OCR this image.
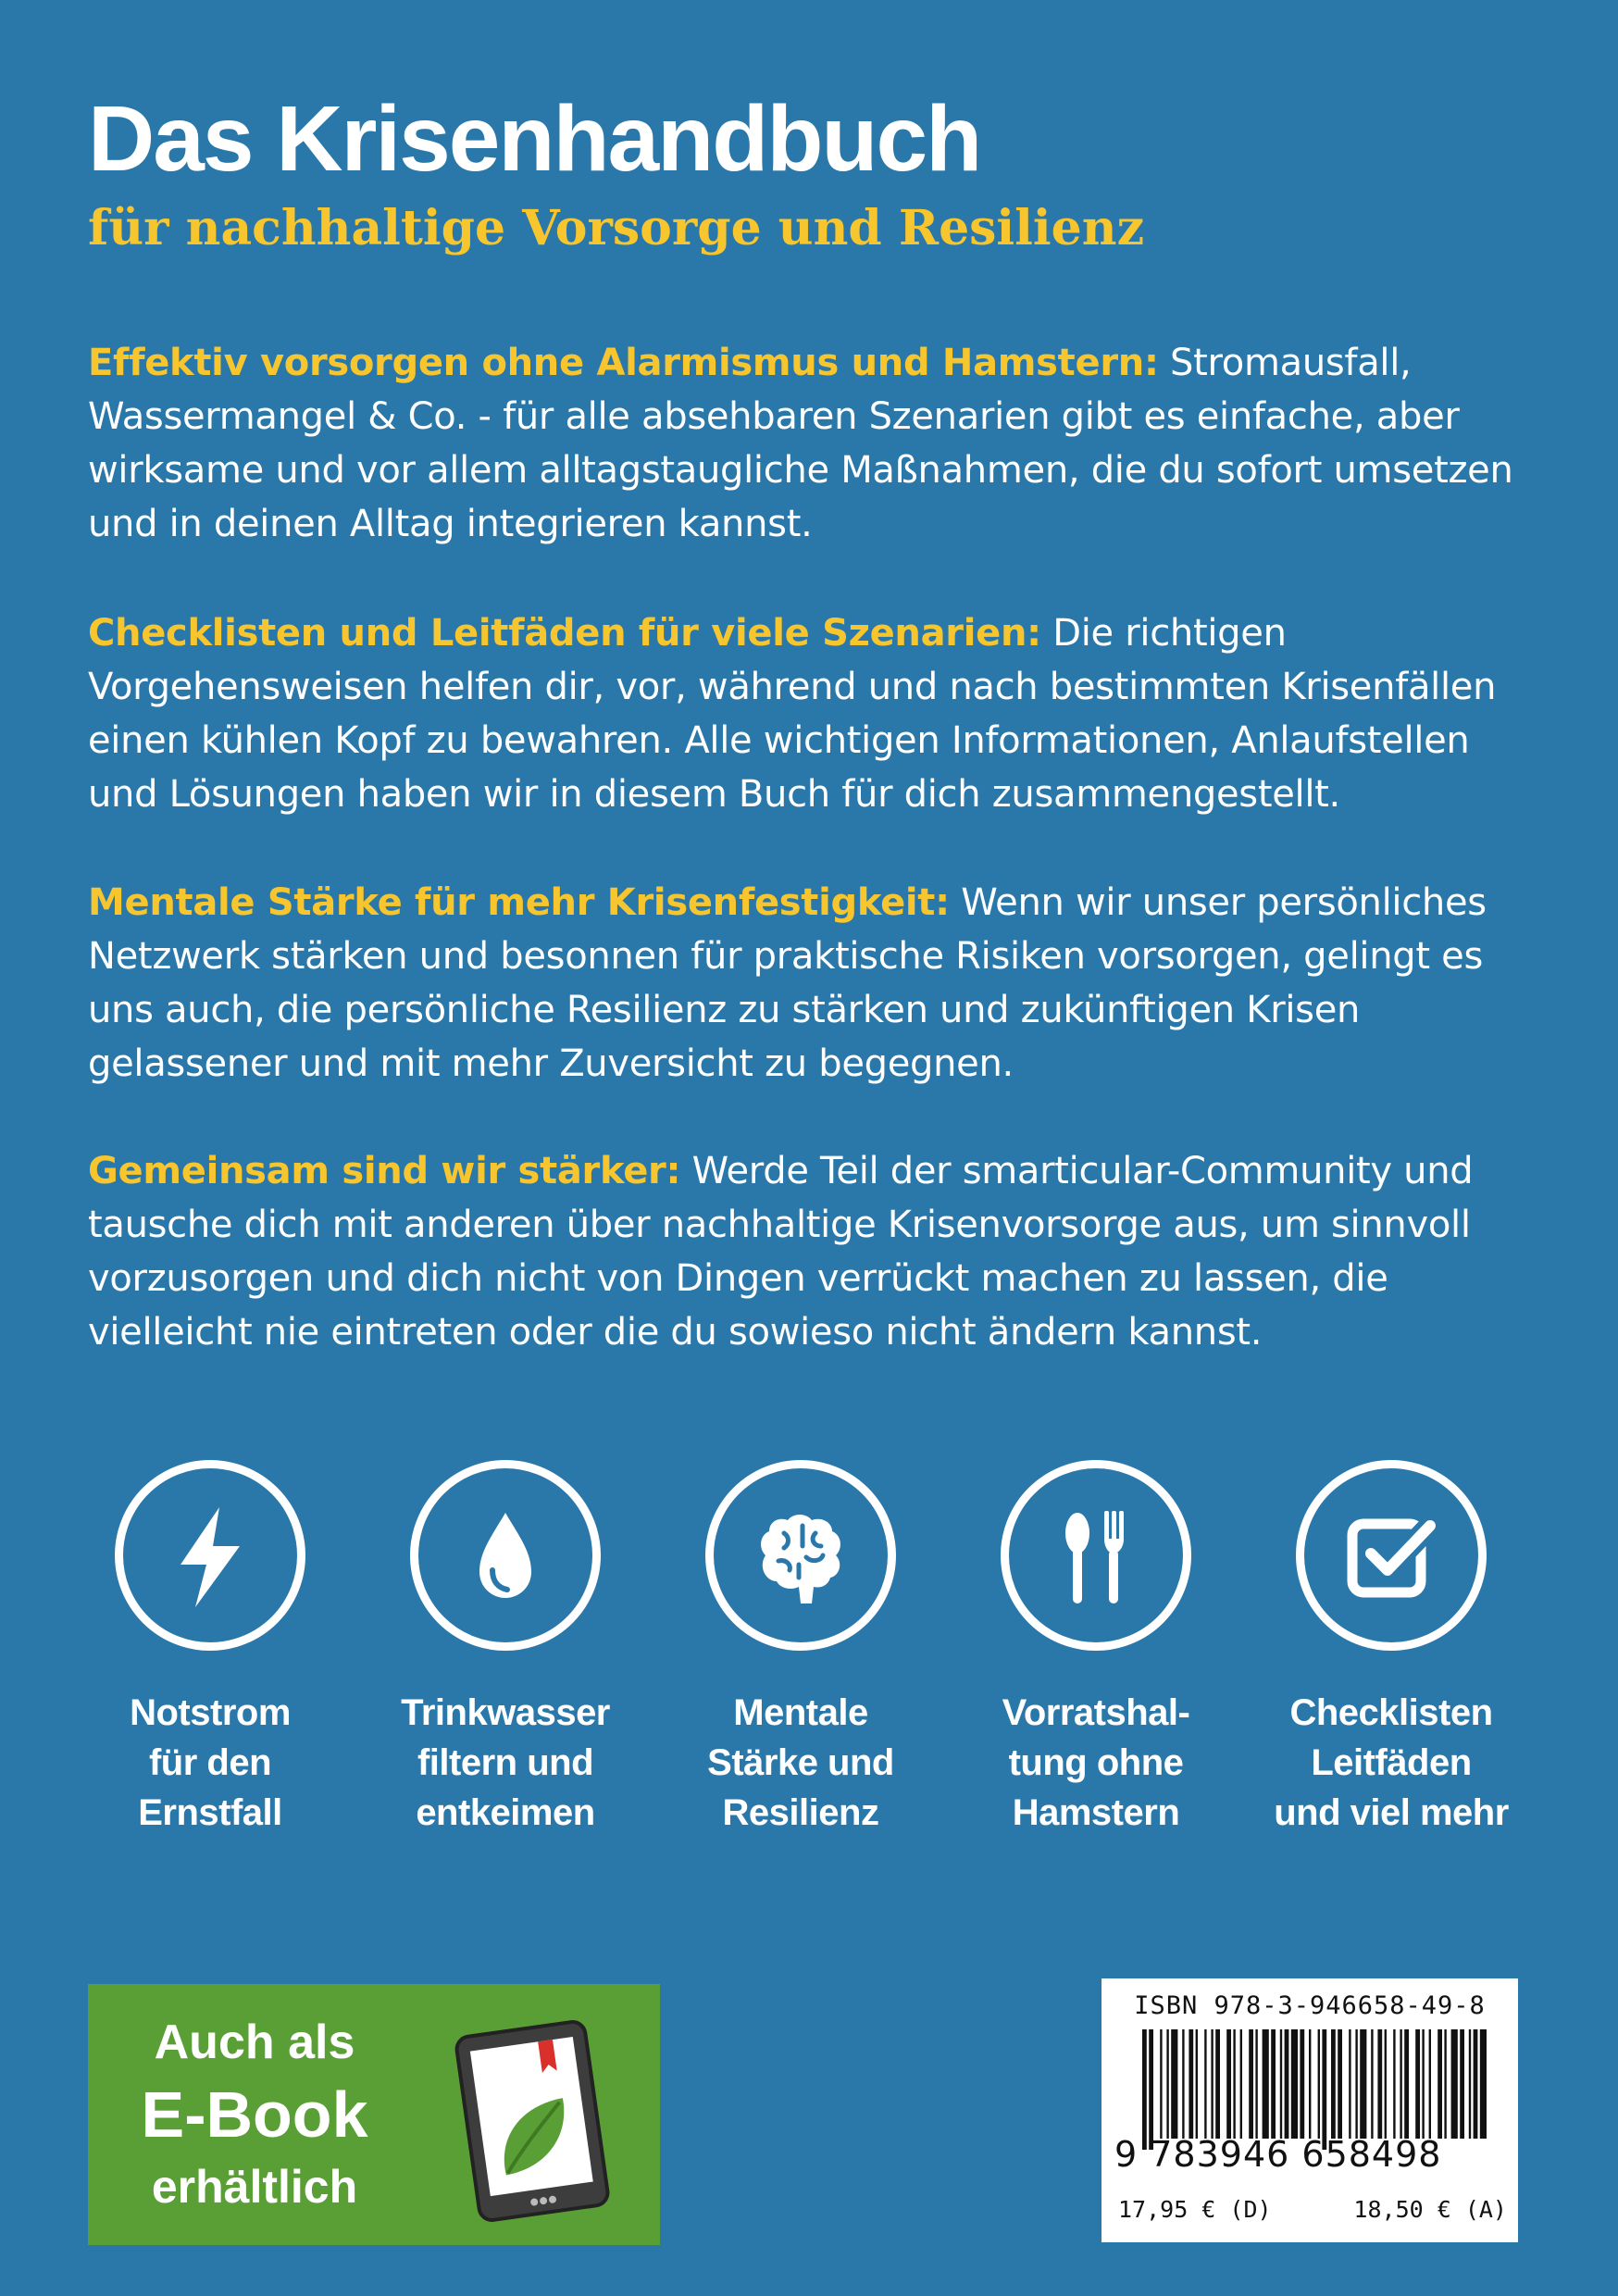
Das Krisenhandbuch
für nachhaltige Vorsorge und Resilienz

Effektiv vorsorgen ohne Alarmismus und Hamstern: Stromausfall, Wassermangel & Co. - für alle absehbaren Szenarien gibt es einfache, aber wirksame und vor allem alltagstaugliche Maßnahmen, die du sofort umsetzen und in deinen Alltag integrieren kannst.

Checklisten und Leitfäden für viele Szenarien: Die richtigen Vorgehensweisen helfen dir, vor, während und nach bestimmten Krisenfällen einen kühlen Kopf zu bewahren. Alle wichtigen Informationen, Anlaufstellen und Lösungen haben wir in diesem Buch für dich zusammengestellt.

Mentale Stärke für mehr Krisenfestigkeit: Wenn wir unser persönliches Netzwerk stärken und besonnen für praktische Risiken vorsorgen, gelingt es uns auch, die persönliche Resilienz zu stärken und zukünftigen Krisen gelassener und mit mehr Zuversicht zu begegnen.

Gemeinsam sind wir stärker: Werde Teil der smarticular-Community und tausche dich mit anderen über nachhaltige Krisenvorsorge aus, um sinnvoll vorzusorgen und dich nicht von Dingen verrückt machen zu lassen, die vielleicht nie eintreten oder die du sowieso nicht ändern kannst.

Notstrom
für den
Ernstfall
Trinkwasser
filtern und
entkeimen
Mentale
Stärke und
Resilienz
Vorratshal-
tung ohne
Hamstern
Checklisten
Leitfäden
und viel mehr
Auch als
E-Book
erhältlich
ISBN 978-3-946658-49-8
9 783946 658498
17,95 € (D)	18,50 € (A)
